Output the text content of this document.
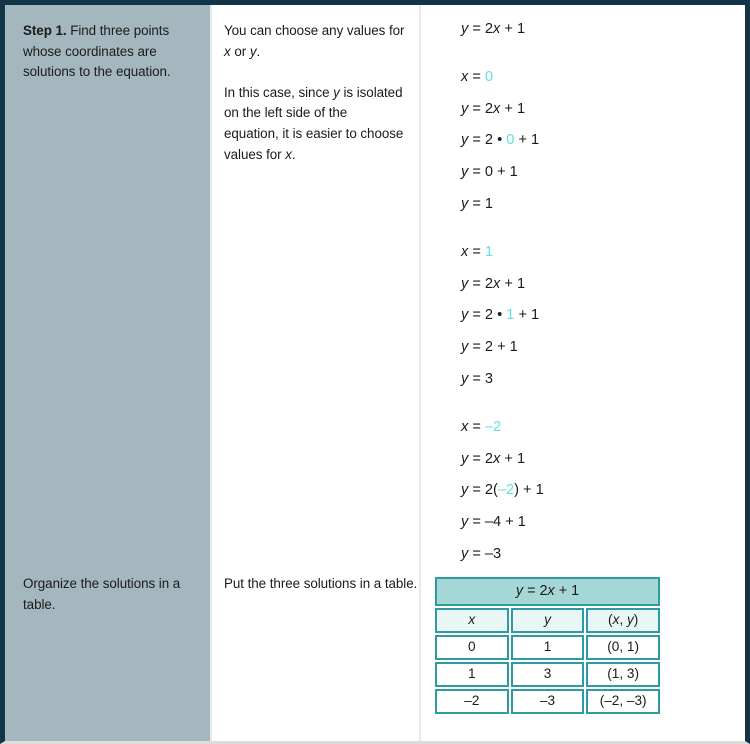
Step 1. Find three points whose coordinates are solutions to the equation.
Organize the solutions in a table.
You can choose any values for x or y.
In this case, since y is isolated on the left side of the equation, it is easier to choose values for x.
Put the three solutions in a table.
y = 2x + 1
x = 0
y = 2x + 1
y = 2 • 0 + 1
y = 0 + 1
y = 1
x = 1
y = 2x + 1
y = 2 • 1 + 1
y = 2 + 1
y = 3
x = –2
y = 2x + 1
y = 2(–2) + 1
y = –4 + 1
y = –3
y = 2x + 1		
x	y	(x, y)
0	1	(0, 1)
1	3	(1, 3)
–2	–3	(–2, –3)
